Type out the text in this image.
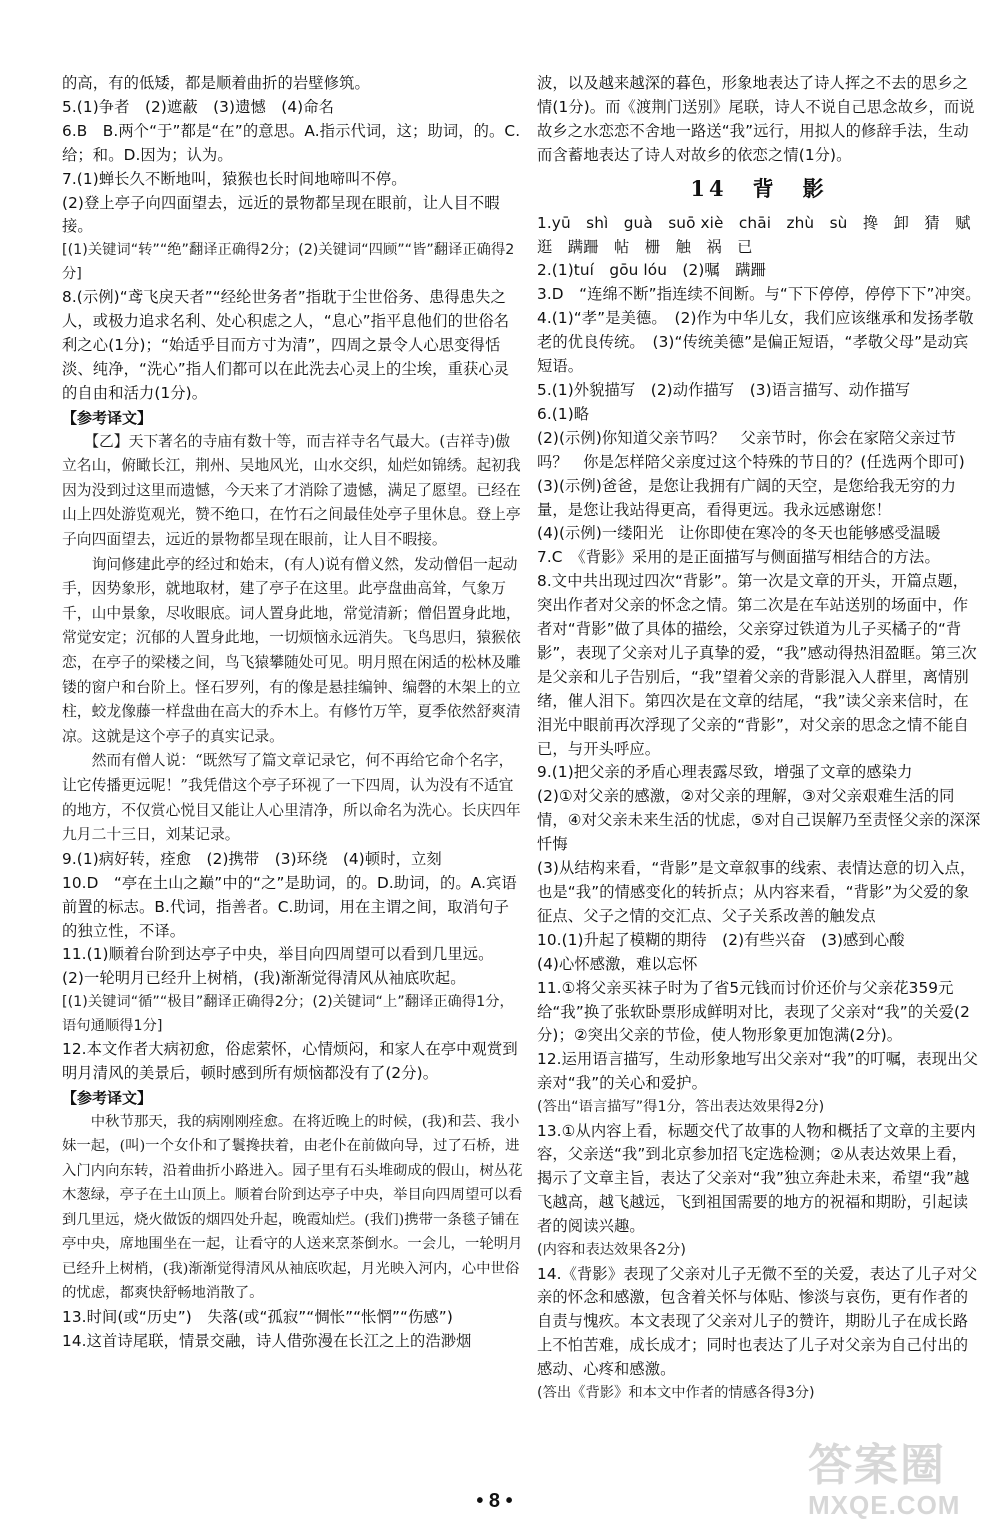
的高，有的低矮，都是顺着曲折的岩壁修筑。
5.(1)争者　(2)遮蔽　(3)遗憾　(4)命名
6.B　B.两个“于”都是“在”的意思。A.指示代词，这；助词，的。C.给；和。D.因为；认为。
7.(1)蝉长久不断地叫，猿猴也长时间地啼叫不停。
(2)登上亭子向四面望去，远近的景物都呈现在眼前，让人目不暇接。
[(1)关键词“转”“绝”翻译正确得2分；(2)关键词“四顾”“皆”翻译正确得2分]
8.(示例)“鸢飞戾天者”“经纶世务者”指耽于尘世俗务、患得患失之人，或极力追求名利、处心积虑之人，“息心”指平息他们的世俗名利之心(1分)；“始适乎目而方寸为清”，四周之景令人心思变得恬淡、纯净，“洗心”指人们都可以在此洗去心灵上的尘埃，重获心灵的自由和活力(1分)。
【参考译文】
　　【乙】天下著名的寺庙有数十等，而吉祥寺名气最大。(吉祥寺)傲立名山，俯瞰长江，荆州、吴地风光，山水交织，灿烂如锦绣。起初我因为没到过这里而遗憾，今天来了才消除了遗憾，满足了愿望。已经在山上四处游览观光，赞不绝口，在竹石之间最佳处亭子里休息。登上亭子向四面望去，远近的景物都呈现在眼前，让人目不暇接。
　　询问修建此亭的经过和始末，(有人)说有僧义然，发动僧侣一起动手，因势象形，就地取材，建了亭子在这里。此亭盘曲高耸，气象万千，山中景象，尽收眼底。词人置身此地，常觉清新；僧侣置身此地，常觉安定；沉郁的人置身此地，一切烦恼永远消失。飞鸟思归，猿猴依恋，在亭子的梁楼之间，鸟飞猿攀随处可见。明月照在闲适的松林及雕镂的窗户和台阶上。怪石罗列，有的像是悬挂编钟、编磬的木架上的立柱，蛟龙像藤一样盘曲在高大的乔木上。有修竹万竿，夏季依然舒爽清凉。这就是这个亭子的真实记录。
　　然而有僧人说：“既然写了篇文章记录它，何不再给它命个名字，让它传播更远呢！”我凭借这个亭子环视了一下四周，认为没有不适宜的地方，不仅赏心悦目又能让人心里清净，所以命名为洗心。长庆四年九月二十三日，刘某记录。
9.(1)病好转，痊愈　(2)携带　(3)环绕　(4)顿时，立刻
10.D　“亭在土山之巅”中的“之”是助词，的。D.助词，的。A.宾语前置的标志。B.代词，指善者。C.助词，用在主谓之间，取消句子的独立性，不译。
11.(1)顺着台阶到达亭子中央，举目向四周望可以看到几里远。
(2)一轮明月已经升上树梢，(我)渐渐觉得清风从袖底吹起。
[(1)关键词“循”“极目”翻译正确得2分；(2)关键词“上”翻译正确得1分，语句通顺得1分]
12.本文作者大病初愈，俗虑萦怀，心情烦闷，和家人在亭中观赏到明月清风的美景后，顿时感到所有烦恼都没有了(2分)。
【参考译文】
　　中秋节那天，我的病刚刚痊愈。在将近晚上的时候，(我)和芸、我小妹一起，(叫)一个女仆和了鬟搀扶着，由老仆在前做向导，过了石桥，进入门内向东转，沿着曲折小路进入。园子里有石头堆砌成的假山，树丛花木葱绿，亭子在土山顶上。顺着台阶到达亭子中央，举目向四周望可以看到几里远，烧火做饭的烟四处升起，晚霞灿烂。(我们)携带一条毯子铺在亭中央，席地围坐在一起，让看守的人送来烹茶倒水。一会儿，一轮明月已经升上树梢，(我)渐渐觉得清风从袖底吹起，月光映入河内，心中世俗的忧虑，都爽快舒畅地消散了。
13.时间(或“历史”)　失落(或“孤寂”“惆怅”“怅惘”“伤感”)
14.这首诗尾联，情景交融，诗人借弥漫在长江之上的浩渺烟
波，以及越来越深的暮色，形象地表达了诗人挥之不去的思乡之情(1分)。而《渡荆门送别》尾联，诗人不说自己思念故乡，而说故乡之水恋恋不舍地一路送“我”远行，用拟人的修辞手法，生动而含蓄地表达了诗人对故乡的依恋之情(1分)。
14　背　影
1.yū　shì　guà　suō xiè　chāi　zhù　sù　搀　卸　猜　赋　逛　蹒跚　帖　栅　触　祸　已
2.(1)tuí　gōu lóu　(2)嘱　蹒跚
3.D　“连绵不断”指连续不间断。与“下下停停，停停下下”冲突。
4.(1)“孝”是美德。　(2)作为中华儿女，我们应该继承和发扬孝敬老的优良传统。　(3)“传统美德”是偏正短语，“孝敬父母”是动宾短语。
5.(1)外貌描写　(2)动作描写　(3)语言描写、动作描写
6.(1)略
(2)(示例)你知道父亲节吗？　父亲节时，你会在家陪父亲过节吗？　你是怎样陪父亲度过这个特殊的节日的？(任选两个即可)
(3)(示例)爸爸，是您让我拥有广阔的天空，是您给我无穷的力量，是您让我站得更高，看得更远。我永远感谢您！
(4)(示例)一缕阳光　让你即使在寒冷的冬天也能够感受温暖
7.C　《背影》采用的是正面描写与侧面描写相结合的方法。
8.文中共出现过四次“背影”。第一次是文章的开头，开篇点题，突出作者对父亲的怀念之情。第二次是在车站送别的场面中，作者对“背影”做了具体的描绘，父亲穿过铁道为儿子买橘子的“背影”，表现了父亲对儿子真挚的爱，“我”感动得热泪盈眶。第三次是父亲和儿子告别后，“我”望着父亲的背影混入人群里，离情别绪，催人泪下。第四次是在文章的结尾，“我”读父亲来信时，在泪光中眼前再次浮现了父亲的“背影”，对父亲的思念之情不能自已，与开头呼应。
9.(1)把父亲的矛盾心理表露尽致，增强了文章的感染力
(2)①对父亲的感激，②对父亲的理解，③对父亲艰难生活的同情，④对父亲未来生活的忧虑，⑤对自己误解乃至责怪父亲的深深忏悔
(3)从结构来看，“背影”是文章叙事的线索、表情达意的切入点，也是“我”的情感变化的转折点；从内容来看，“背影”为父爱的象征点、父子之情的交汇点、父子关系改善的触发点
10.(1)升起了模糊的期待　(2)有些兴奋　(3)感到心酸
(4)心怀感激，难以忘怀
11.①将父亲买袜子时为了省5元钱而讨价还价与父亲花359元给“我”换了张软卧票形成鲜明对比，表现了父亲对“我”的关爱(2分)；②突出父亲的节俭，使人物形象更加饱满(2分)。
12.运用语言描写，生动形象地写出父亲对“我”的叮嘱，表现出父亲对“我”的关心和爱护。
(答出“语言描写”得1分，答出表达效果得2分)
13.①从内容上看，标题交代了故事的人物和概括了文章的主要内容，父亲送“我”到北京参加招飞定选检测；②从表达效果上看，揭示了文章主旨，表达了父亲对“我”独立奔赴未来，希望“我”越飞越高，越飞越远，飞到祖国需要的地方的祝福和期盼，引起读者的阅读兴趣。
(内容和表达效果各2分)
14.《背影》表现了父亲对儿子无微不至的关爱，表达了儿子对父亲的怀念和感激，包含着关怀与体贴、惨淡与哀伤，更有作者的自责与愧疚。本文表现了父亲对儿子的赞许，期盼儿子在成长路上不怕苦难，成长成才；同时也表达了儿子对父亲为自己付出的感动、心疼和感激。
(答出《背影》和本文中作者的情感各得3分)
• 8 •
答案圈
MXQE.COM
